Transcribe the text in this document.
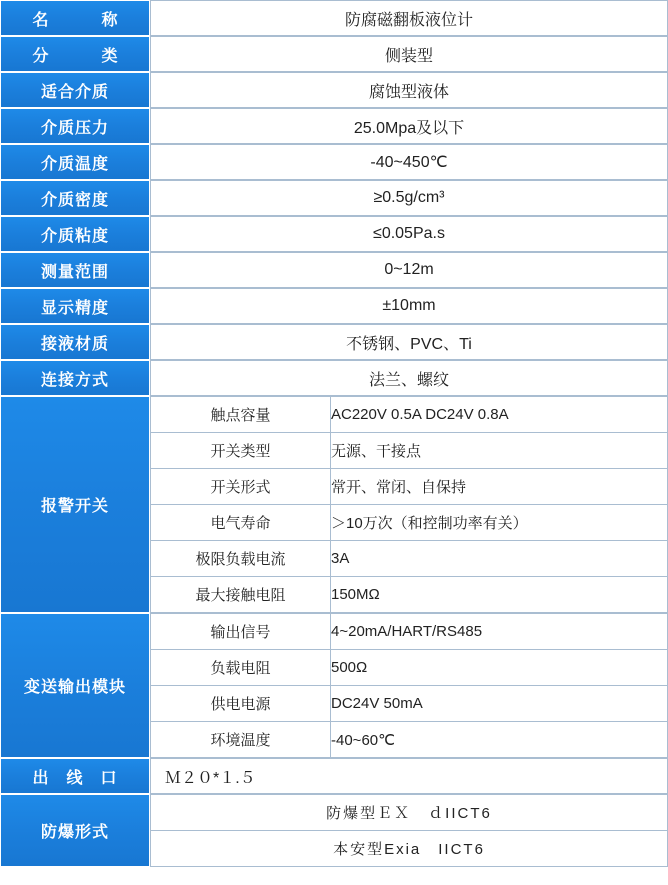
名　　称	防腐磁翻板液位计
分　　类	侧装型
适合介质	腐蚀型液体
介质压力	25.0Mpa及以下
介质温度	-40~450℃
介质密度	≥0.5g/cm³
介质粘度	≤0.05Pa.s
测量范围	0~12m
显示精度	±10mm
接液材质	不锈钢、PVC、Ti
连接方式	法兰、螺纹
报警开关	
触点容量	AC220V 0.5A DC24V 0.8A
开关类型	无源、干接点
开关形式	常开、常闭、自保持
电气寿命	＞10万次（和控制功率有关）
极限负载电流	3A
最大接触电阻	150MΩ

变送输出模块	
输出信号	4~20mA/HART/RS485
负载电阻	500Ω
供电电源	DC24V 50mA
环境温度	-40~60℃

出　线　口	Ｍ２０*１.５
防爆形式	
防爆型ＥＸ　ｄIICT6
本安型Exia　IICT6
